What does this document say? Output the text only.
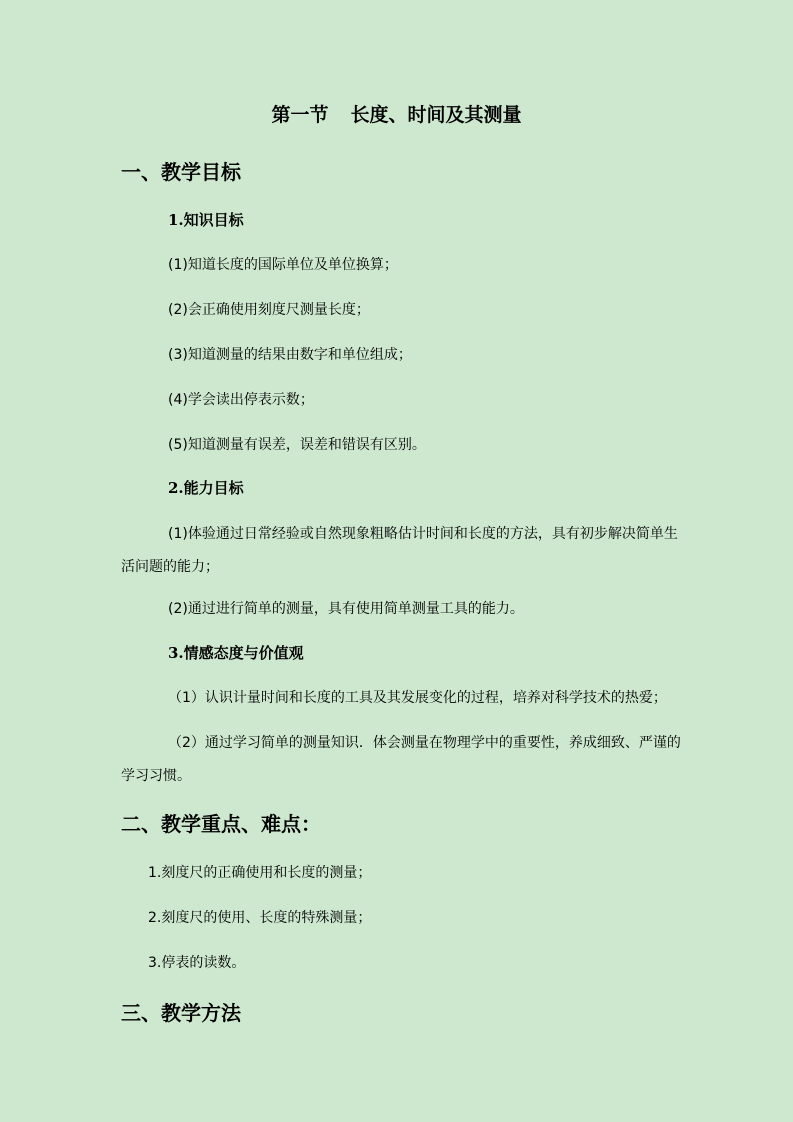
第一节 长度、时间及其测量
一、教学目标
1.知识目标
(1)知道长度的国际单位及单位换算；
(2)会正确使用刻度尺测量长度；
(3)知道测量的结果由数字和单位组成；
(4)学会读出停表示数；
(5)知道测量有误差，误差和错误有区别。
2.能力目标
(1)体验通过日常经验或自然现象粗略估计时间和长度的方法，具有初步解决简单生活问题的能力；
(2)通过进行简单的测量，具有使用简单测量工具的能力。
3.情感态度与价值观
（1）认识计量时间和长度的工具及其发展变化的过程，培养对科学技术的热爱；
（2）通过学习简单的测量知识．体会测量在物理学中的重要性，养成细致、严谨的学习习惯。
二、教学重点、难点：
1.刻度尺的正确使用和长度的测量；
2.刻度尺的使用、长度的特殊测量；
3.停表的读数。
三、教学方法
